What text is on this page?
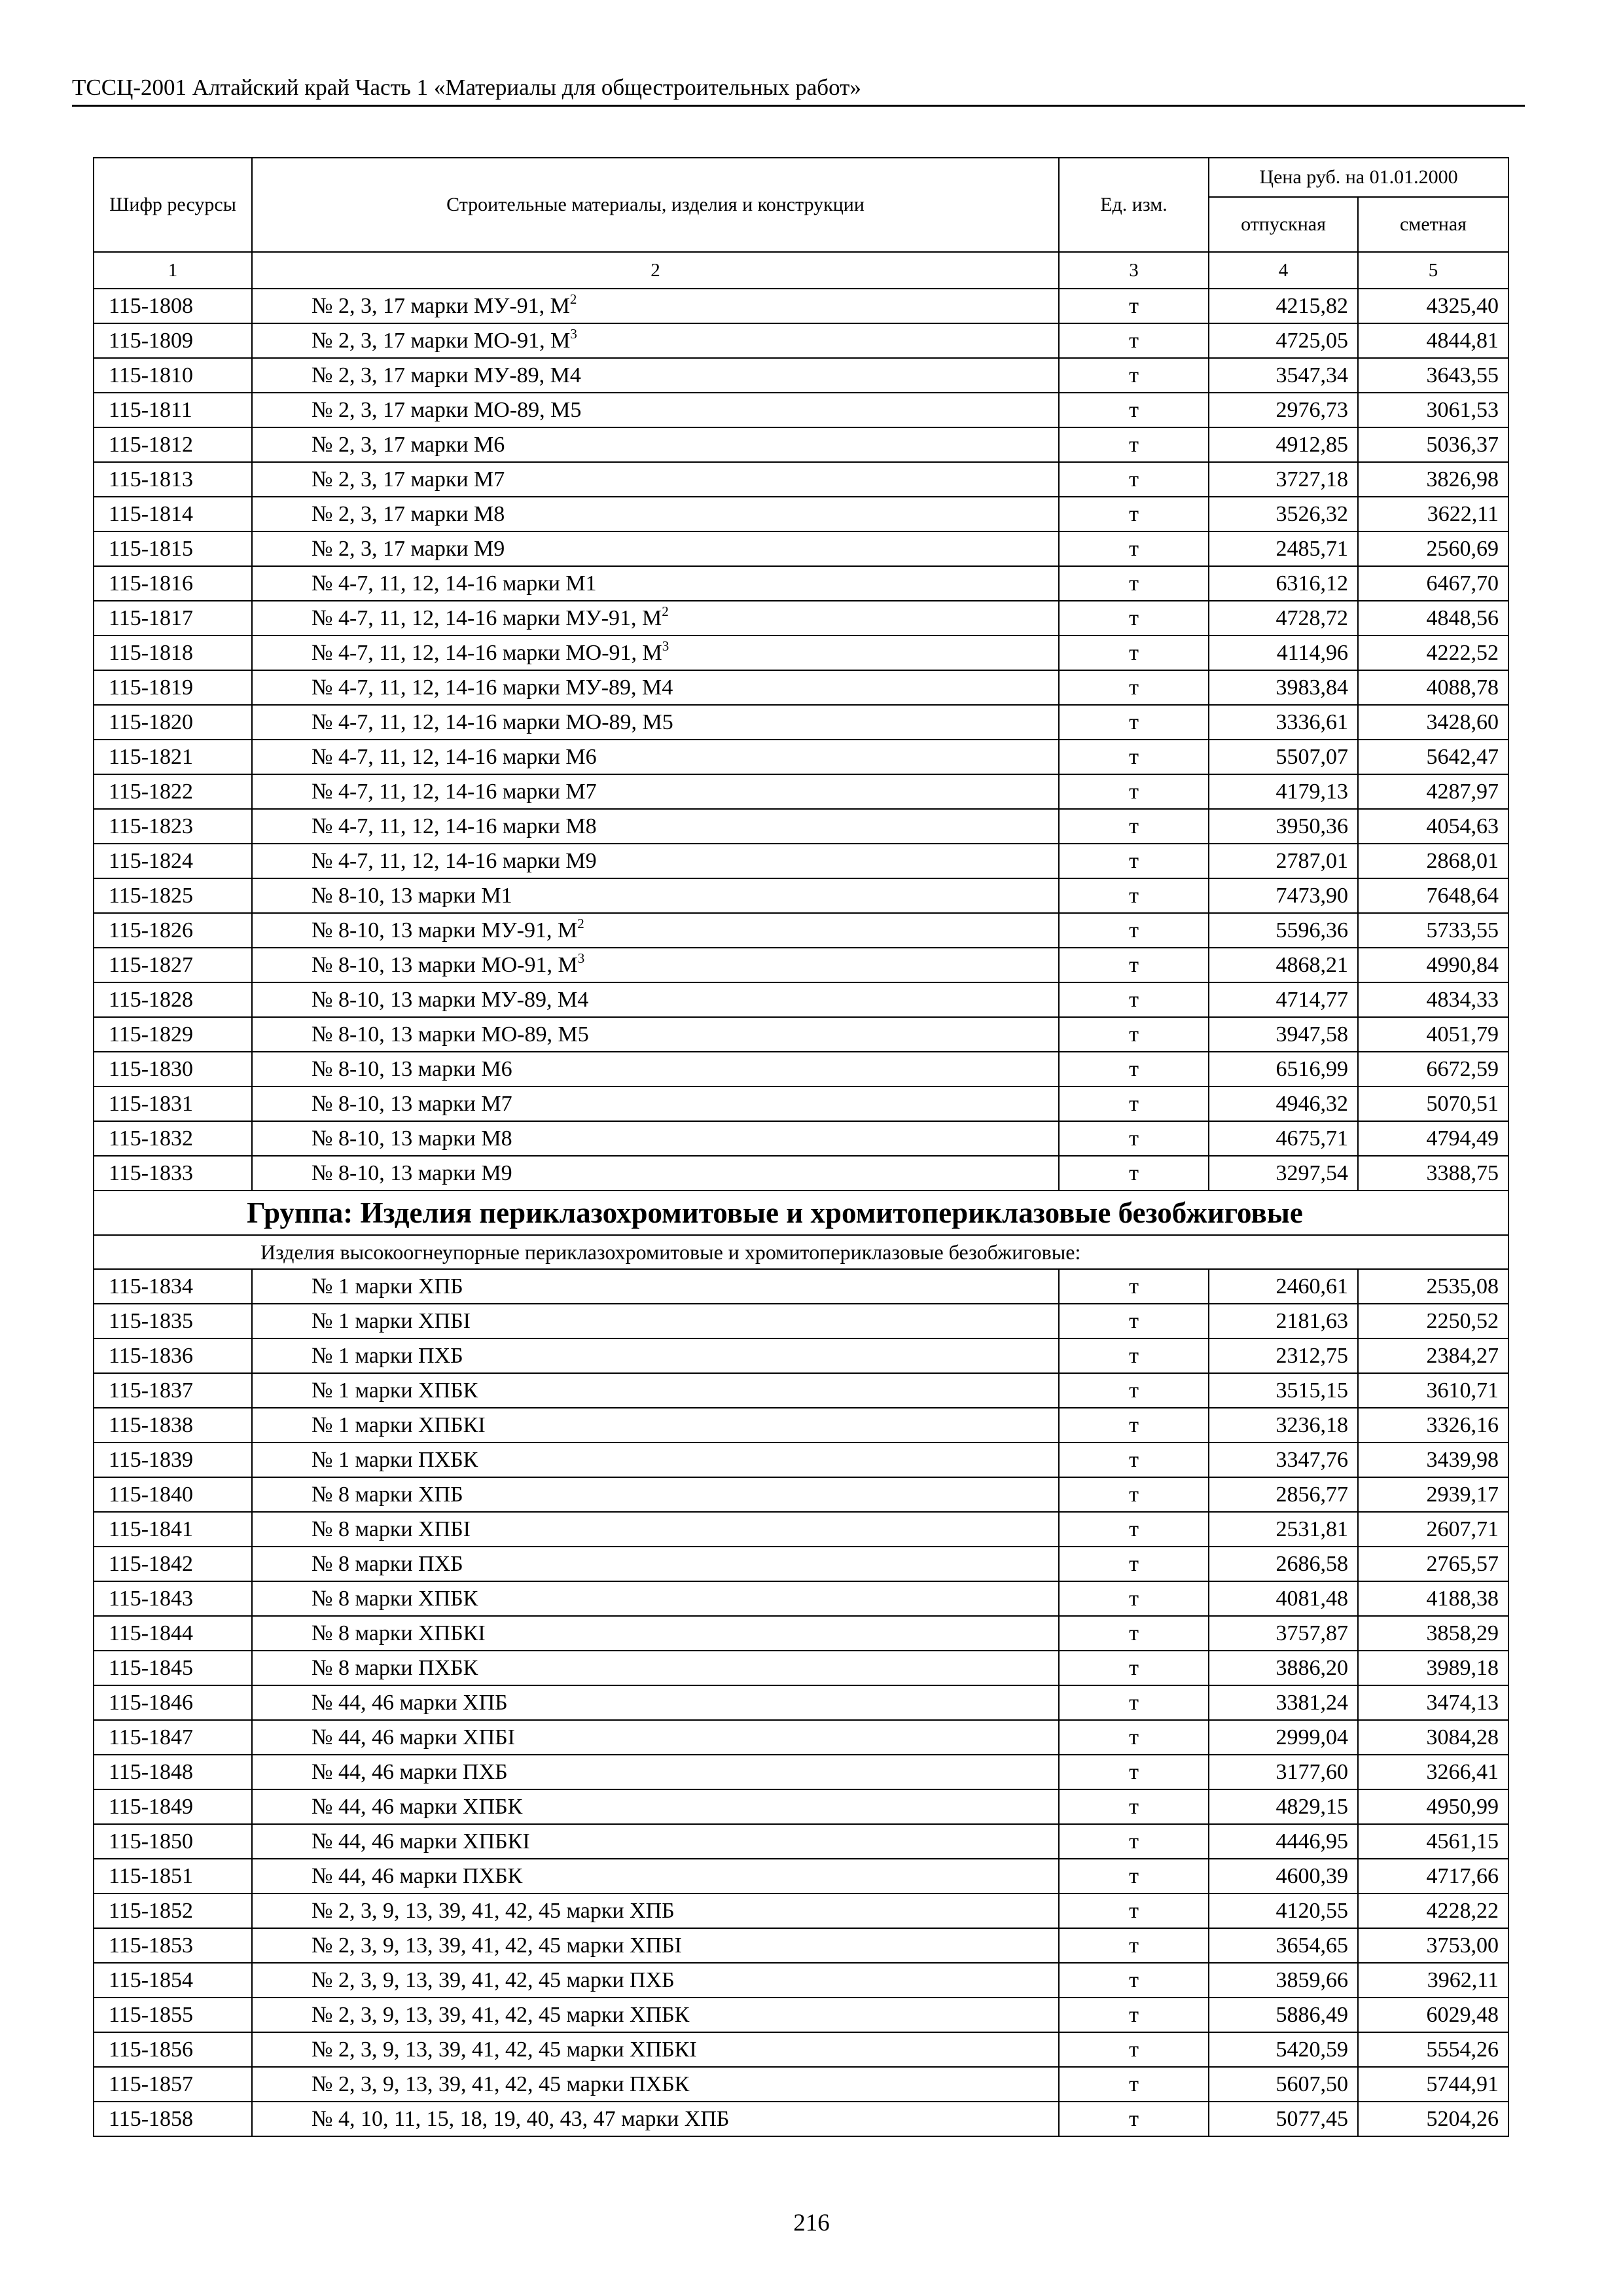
ТССЦ-2001 Алтайский край Часть 1 «Материалы для общестроительных работ»
Шифр ресурсы	Строительные материалы, изделия и конструкции	Ед. изм.	Цена руб. на 01.01.2000	
			отпускная	сметная
1	2	3	4	5
115-1808	№ 2, 3, 17 марки МУ-91, $М^2$	т	4215,82	4325,40
115-1809	№ 2, 3, 17 марки МО-91, $М^3$	т	4725,05	4844,81
115-1810	№ 2, 3, 17 марки МУ-89, М4	т	3547,34	3643,55
115-1811	№ 2, 3, 17 марки МО-89, М5	т	2976,73	3061,53
115-1812	№ 2, 3, 17 марки М6	т	4912,85	5036,37
115-1813	№ 2, 3, 17 марки М7	т	3727,18	3826,98
115-1814	№ 2, 3, 17 марки М8	т	3526,32	3622,11
115-1815	№ 2, 3, 17 марки М9	т	2485,71	2560,69
115-1816	№ 4-7, 11, 12, 14-16 марки М1	т	6316,12	6467,70
115-1817	№ 4-7, 11, 12, 14-16 марки МУ-91, $М^2$	т	4728,72	4848,56
115-1818	№ 4-7, 11, 12, 14-16 марки МО-91, $М^3$	т	4114,96	4222,52
115-1819	№ 4-7, 11, 12, 14-16 марки МУ-89, М4	т	3983,84	4088,78
115-1820	№ 4-7, 11, 12, 14-16 марки МО-89, М5	т	3336,61	3428,60
115-1821	№ 4-7, 11, 12, 14-16 марки М6	т	5507,07	5642,47
115-1822	№ 4-7, 11, 12, 14-16 марки М7	т	4179,13	4287,97
115-1823	№ 4-7, 11, 12, 14-16 марки М8	т	3950,36	4054,63
115-1824	№ 4-7, 11, 12, 14-16 марки М9	т	2787,01	2868,01
115-1825	№ 8-10, 13 марки М1	т	7473,90	7648,64
115-1826	№ 8-10, 13 марки МУ-91, $М^2$	т	5596,36	5733,55
115-1827	№ 8-10, 13 марки МО-91, $М^3$	т	4868,21	4990,84
115-1828	№ 8-10, 13 марки МУ-89, М4	т	4714,77	4834,33
115-1829	№ 8-10, 13 марки МО-89, М5	т	3947,58	4051,79
115-1830	№ 8-10, 13 марки М6	т	6516,99	6672,59
115-1831	№ 8-10, 13 марки М7	т	4946,32	5070,51
115-1832	№ 8-10, 13 марки М8	т	4675,71	4794,49
115-1833	№ 8-10, 13 марки М9	т	3297,54	3388,75
Группа: Изделия периклазохромитовые и хромитопериклазовые безобжиговые				
Изделия высокоогнеупорные периклазохромитовые и хромитопериклазовые безобжиговые:				
115-1834	№ 1 марки ХПБ	т	2460,61	2535,08
115-1835	№ 1 марки ХПБI	т	2181,63	2250,52
115-1836	№ 1 марки ПХБ	т	2312,75	2384,27
115-1837	№ 1 марки ХПБК	т	3515,15	3610,71
115-1838	№ 1 марки ХПБКI	т	3236,18	3326,16
115-1839	№ 1 марки ПХБК	т	3347,76	3439,98
115-1840	№ 8 марки ХПБ	т	2856,77	2939,17
115-1841	№ 8 марки ХПБI	т	2531,81	2607,71
115-1842	№ 8 марки ПХБ	т	2686,58	2765,57
115-1843	№ 8 марки ХПБК	т	4081,48	4188,38
115-1844	№ 8 марки ХПБКI	т	3757,87	3858,29
115-1845	№ 8 марки ПХБК	т	3886,20	3989,18
115-1846	№ 44, 46 марки ХПБ	т	3381,24	3474,13
115-1847	№ 44, 46 марки ХПБI	т	2999,04	3084,28
115-1848	№ 44, 46 марки ПХБ	т	3177,60	3266,41
115-1849	№ 44, 46 марки ХПБК	т	4829,15	4950,99
115-1850	№ 44, 46 марки ХПБКI	т	4446,95	4561,15
115-1851	№ 44, 46 марки ПХБК	т	4600,39	4717,66
115-1852	№ 2, 3, 9, 13, 39, 41, 42, 45 марки ХПБ	т	4120,55	4228,22
115-1853	№ 2, 3, 9, 13, 39, 41, 42, 45 марки ХПБI	т	3654,65	3753,00
115-1854	№ 2, 3, 9, 13, 39, 41, 42, 45 марки ПХБ	т	3859,66	3962,11
115-1855	№ 2, 3, 9, 13, 39, 41, 42, 45 марки ХПБК	т	5886,49	6029,48
115-1856	№ 2, 3, 9, 13, 39, 41, 42, 45 марки ХПБКI	т	5420,59	5554,26
115-1857	№ 2, 3, 9, 13, 39, 41, 42, 45 марки ПХБК	т	5607,50	5744,91
115-1858	№ 4, 10, 11, 15, 18, 19, 40, 43, 47 марки ХПБ	т	5077,45	5204,26
216
